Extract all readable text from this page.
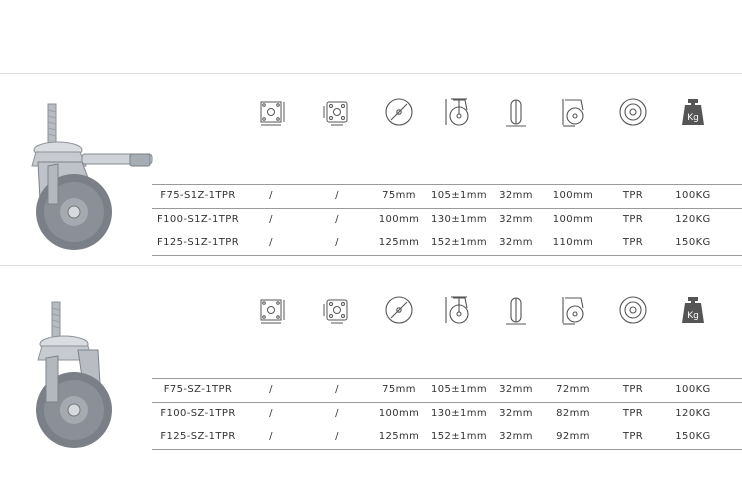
Kg
F75-S1Z-1TPR	/	/	75mm 105±1mm 32mm 100mm	TPR	100KG
F100-S1Z-1TPR	/	/	100mm 130±1mm 32mm 100mm	TPR	120KG
F125-S1Z-1TPR	/	/	125mm 152±1mm 32mm 110mm	TPR	150KG
Kg
F75-SZ-1TPR	/	/	75mm 105±1mm 32mm 72mm	TPR	100KG
F100-SZ-1TPR	/	/	100mm 130±1mm 32mm 82mm	TPR	120KG
F125-SZ-1TPR	/	/	125mm 152±1mm 32mm 92mm	TPR	150KG
